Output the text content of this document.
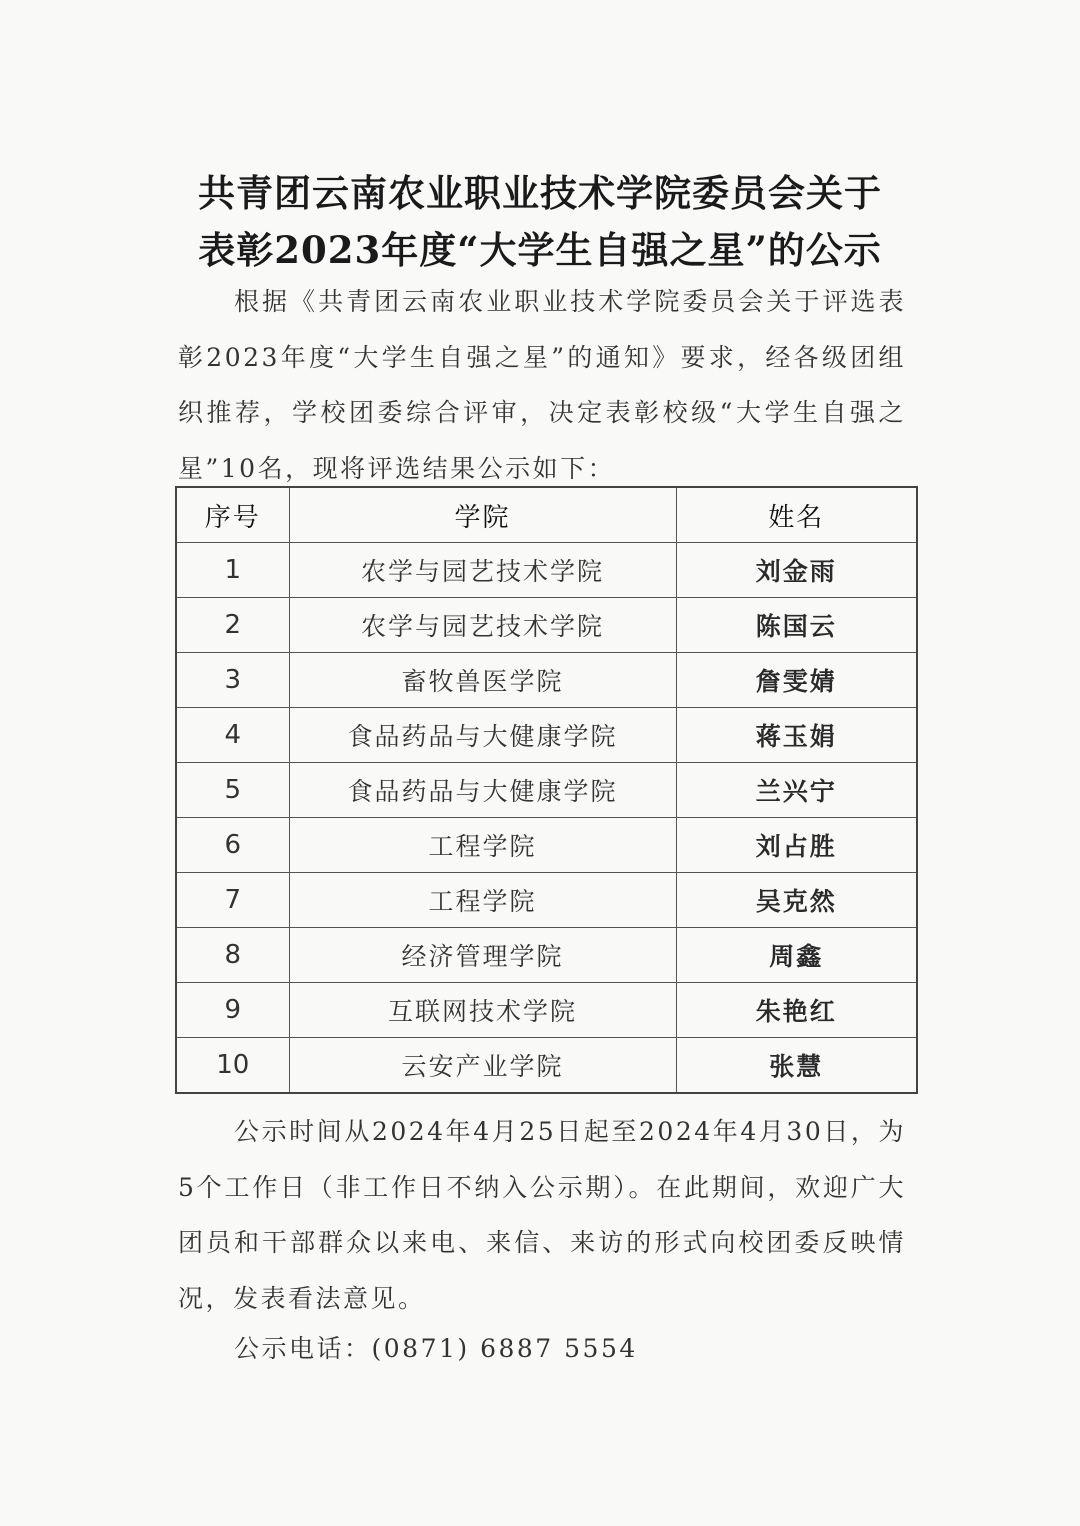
共青团云南农业职业技术学院委员会关于
表彰2023年度“大学生自强之星”的公示
根据《共青团云南农业职业技术学院委员会关于评选表彰2023年度“大学生自强之星”的通知》要求，经各级团组织推荐，学校团委综合评审，决定表彰校级“大学生自强之星”10名，现将评选结果公示如下：
序号	学院	姓名
1	农学与园艺技术学院	刘金雨
2	农学与园艺技术学院	陈国云
3	畜牧兽医学院	詹雯婧
4	食品药品与大健康学院	蒋玉娟
5	食品药品与大健康学院	兰兴宁
6	工程学院	刘占胜
7	工程学院	吴克然
8	经济管理学院	周鑫
9	互联网技术学院	朱艳红
10	云安产业学院	张慧
公示时间从2024年4月25日起至2024年4月30日，为5个工作日（非工作日不纳入公示期）。在此期间，欢迎广大团员和干部群众以来电、来信、来访的形式向校团委反映情况，发表看法意见。
公示电话：(0871) 6887 5554
